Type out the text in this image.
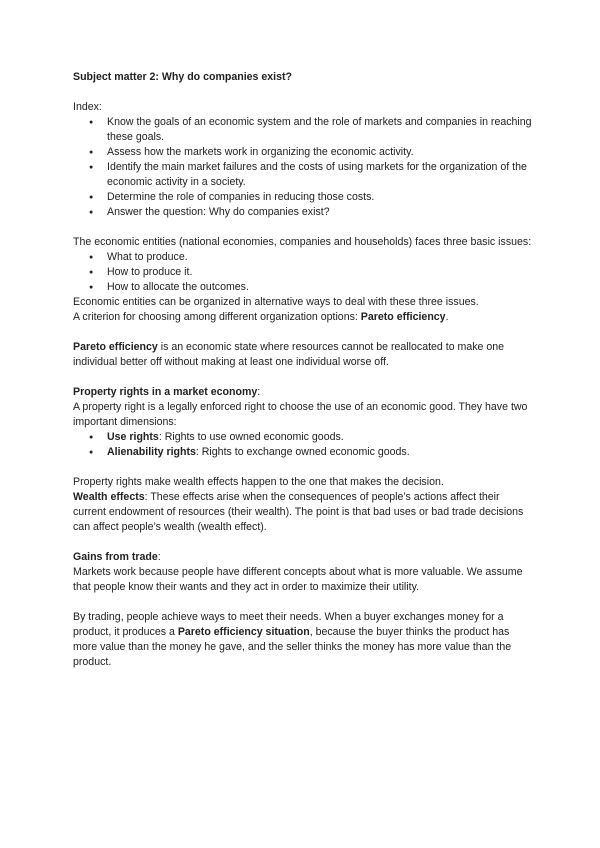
Subject matter 2: Why do companies exist?

Index:

● Know the goals of an economic system and the role of markets and companies in reaching these goals.
● Assess how the markets work in organizing the economic activity.
● Identify the main market failures and the costs of using markets for the organization of the economic activity in a society.
● Determine the role of companies in reducing those costs.
● Answer the question: Why do companies exist?

The economic entities (national economies, companies and households) faces three basic issues:

● What to produce.
● How to produce it.
● How to allocate the outcomes.

Economic entities can be organized in alternative ways to deal with these three issues.

A criterion for choosing among different organization options: Pareto efficiency.

Pareto efficiency is an economic state where resources cannot be reallocated to make one individual better off without making at least one individual worse off.

Property rights in a market economy:

A property right is a legally enforced right to choose the use of an economic good. They have two important dimensions:

● Use rights: Rights to use owned economic goods.
● Alienability rights: Rights to exchange owned economic goods.

Property rights make wealth effects happen to the one that makes the decision.

Wealth effects: These effects arise when the consequences of people’s actions affect their current endowment of resources (their wealth). The point is that bad uses or bad trade decisions can affect people’s wealth (wealth effect).

Gains from trade:

Markets work because people have different concepts about what is more valuable. We assume that people know their wants and they act in order to maximize their utility.

By trading, people achieve ways to meet their needs. When a buyer exchanges money for a product, it produces a Pareto efficiency situation, because the buyer thinks the product has more value than the money he gave, and the seller thinks the money has more value than the product.
